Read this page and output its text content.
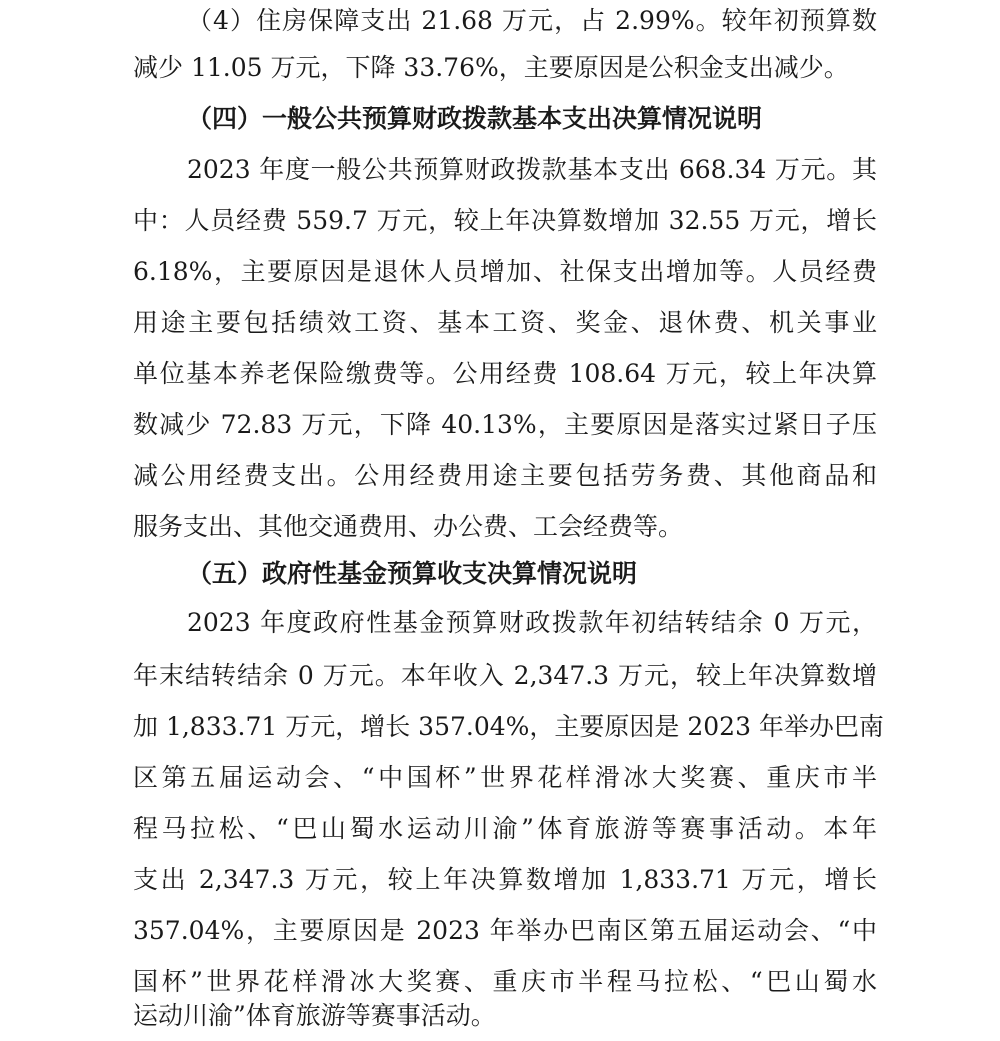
（4）住房保障支出 21.68 万元，占 2.99%。较年初预算数
减少 11.05 万元，下降 33.76%，主要原因是公积金支出减少。
（四）一般公共预算财政拨款基本支出决算情况说明
2023 年度一般公共预算财政拨款基本支出 668.34 万元。其
中：人员经费 559.7 万元，较上年决算数增加 32.55 万元，增长
6.18%，主要原因是退休人员增加、社保支出增加等。人员经费
用途主要包括绩效工资、基本工资、奖金、退休费、机关事业
单位基本养老保险缴费等。公用经费 108.64 万元，较上年决算
数减少 72.83 万元，下降 40.13%，主要原因是落实过紧日子压
减公用经费支出。公用经费用途主要包括劳务费、其他商品和
服务支出、其他交通费用、办公费、工会经费等。
（五）政府性基金预算收支决算情况说明
2023 年度政府性基金预算财政拨款年初结转结余 0 万元，
年末结转结余 0 万元。本年收入 2,347.3 万元，较上年决算数增
加 1,833.71 万元，增长 357.04%，主要原因是 2023 年举办巴南
区第五届运动会、“中国杯”世界花样滑冰大奖赛、重庆市半
程马拉松、“巴山蜀水运动川渝”体育旅游等赛事活动。本年
支出 2,347.3 万元，较上年决算数增加 1,833.71 万元，增长
357.04%，主要原因是 2023 年举办巴南区第五届运动会、“中
国杯”世界花样滑冰大奖赛、重庆市半程马拉松、“巴山蜀水
运动川渝”体育旅游等赛事活动。
